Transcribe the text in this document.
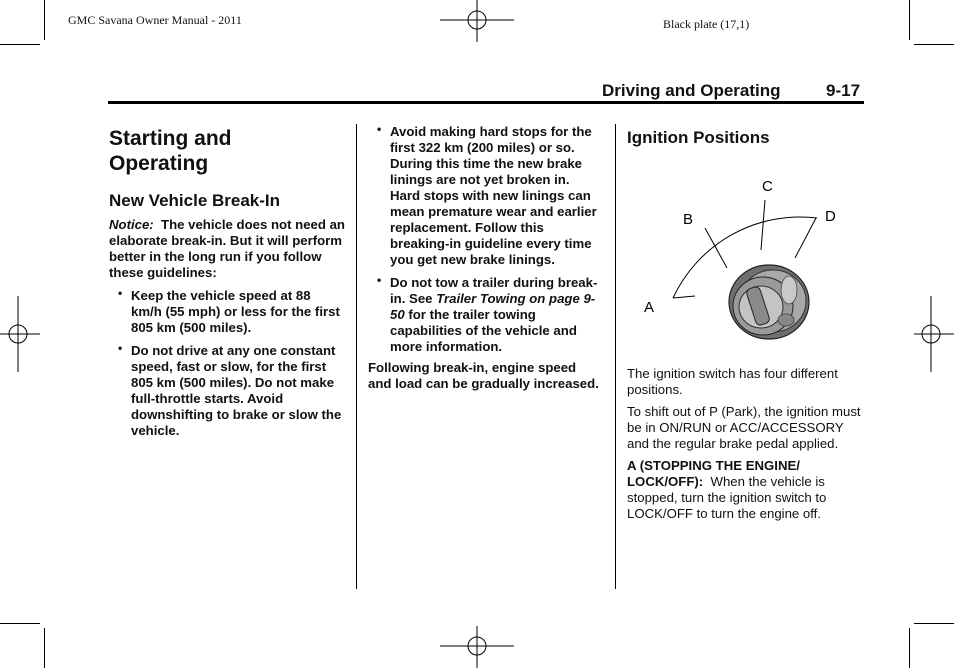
GMC Savana Owner Manual - 2011	Black plate (17,1)
Driving and Operating	9-17
Starting and Operating
New Vehicle Break-In

Notice: The vehicle does not need an elaborate break-in. But it will perform better in the long run if you follow these guidelines:

• Keep the vehicle speed at 88 km/h (55 mph) or less for the first 805 km (500 miles).
• Do not drive at any one constant speed, fast or slow, for the first 805 km (500 miles). Do not make full-throttle starts. Avoid downshifting to brake or slow the vehicle.
• Avoid making hard stops for the first 322 km (200 miles) or so. During this time the new brake linings are not yet broken in. Hard stops with new linings can mean premature wear and earlier replacement. Follow this breaking-in guideline every time you get new brake linings.
• Do not tow a trailer during break-in. See Trailer Towing on page 9-50 for the trailer towing capabilities of the vehicle and more information.

Following break-in, engine speed and load can be gradually increased.

Ignition Positions
A
B
C
D

The ignition switch has four different positions.

To shift out of P (Park), the ignition must be in ON/RUN or ACC/ACCESSORY and the regular brake pedal applied.

A (STOPPING THE ENGINE/ LOCK/OFF): When the vehicle is stopped, turn the ignition switch to LOCK/OFF to turn the engine off.
